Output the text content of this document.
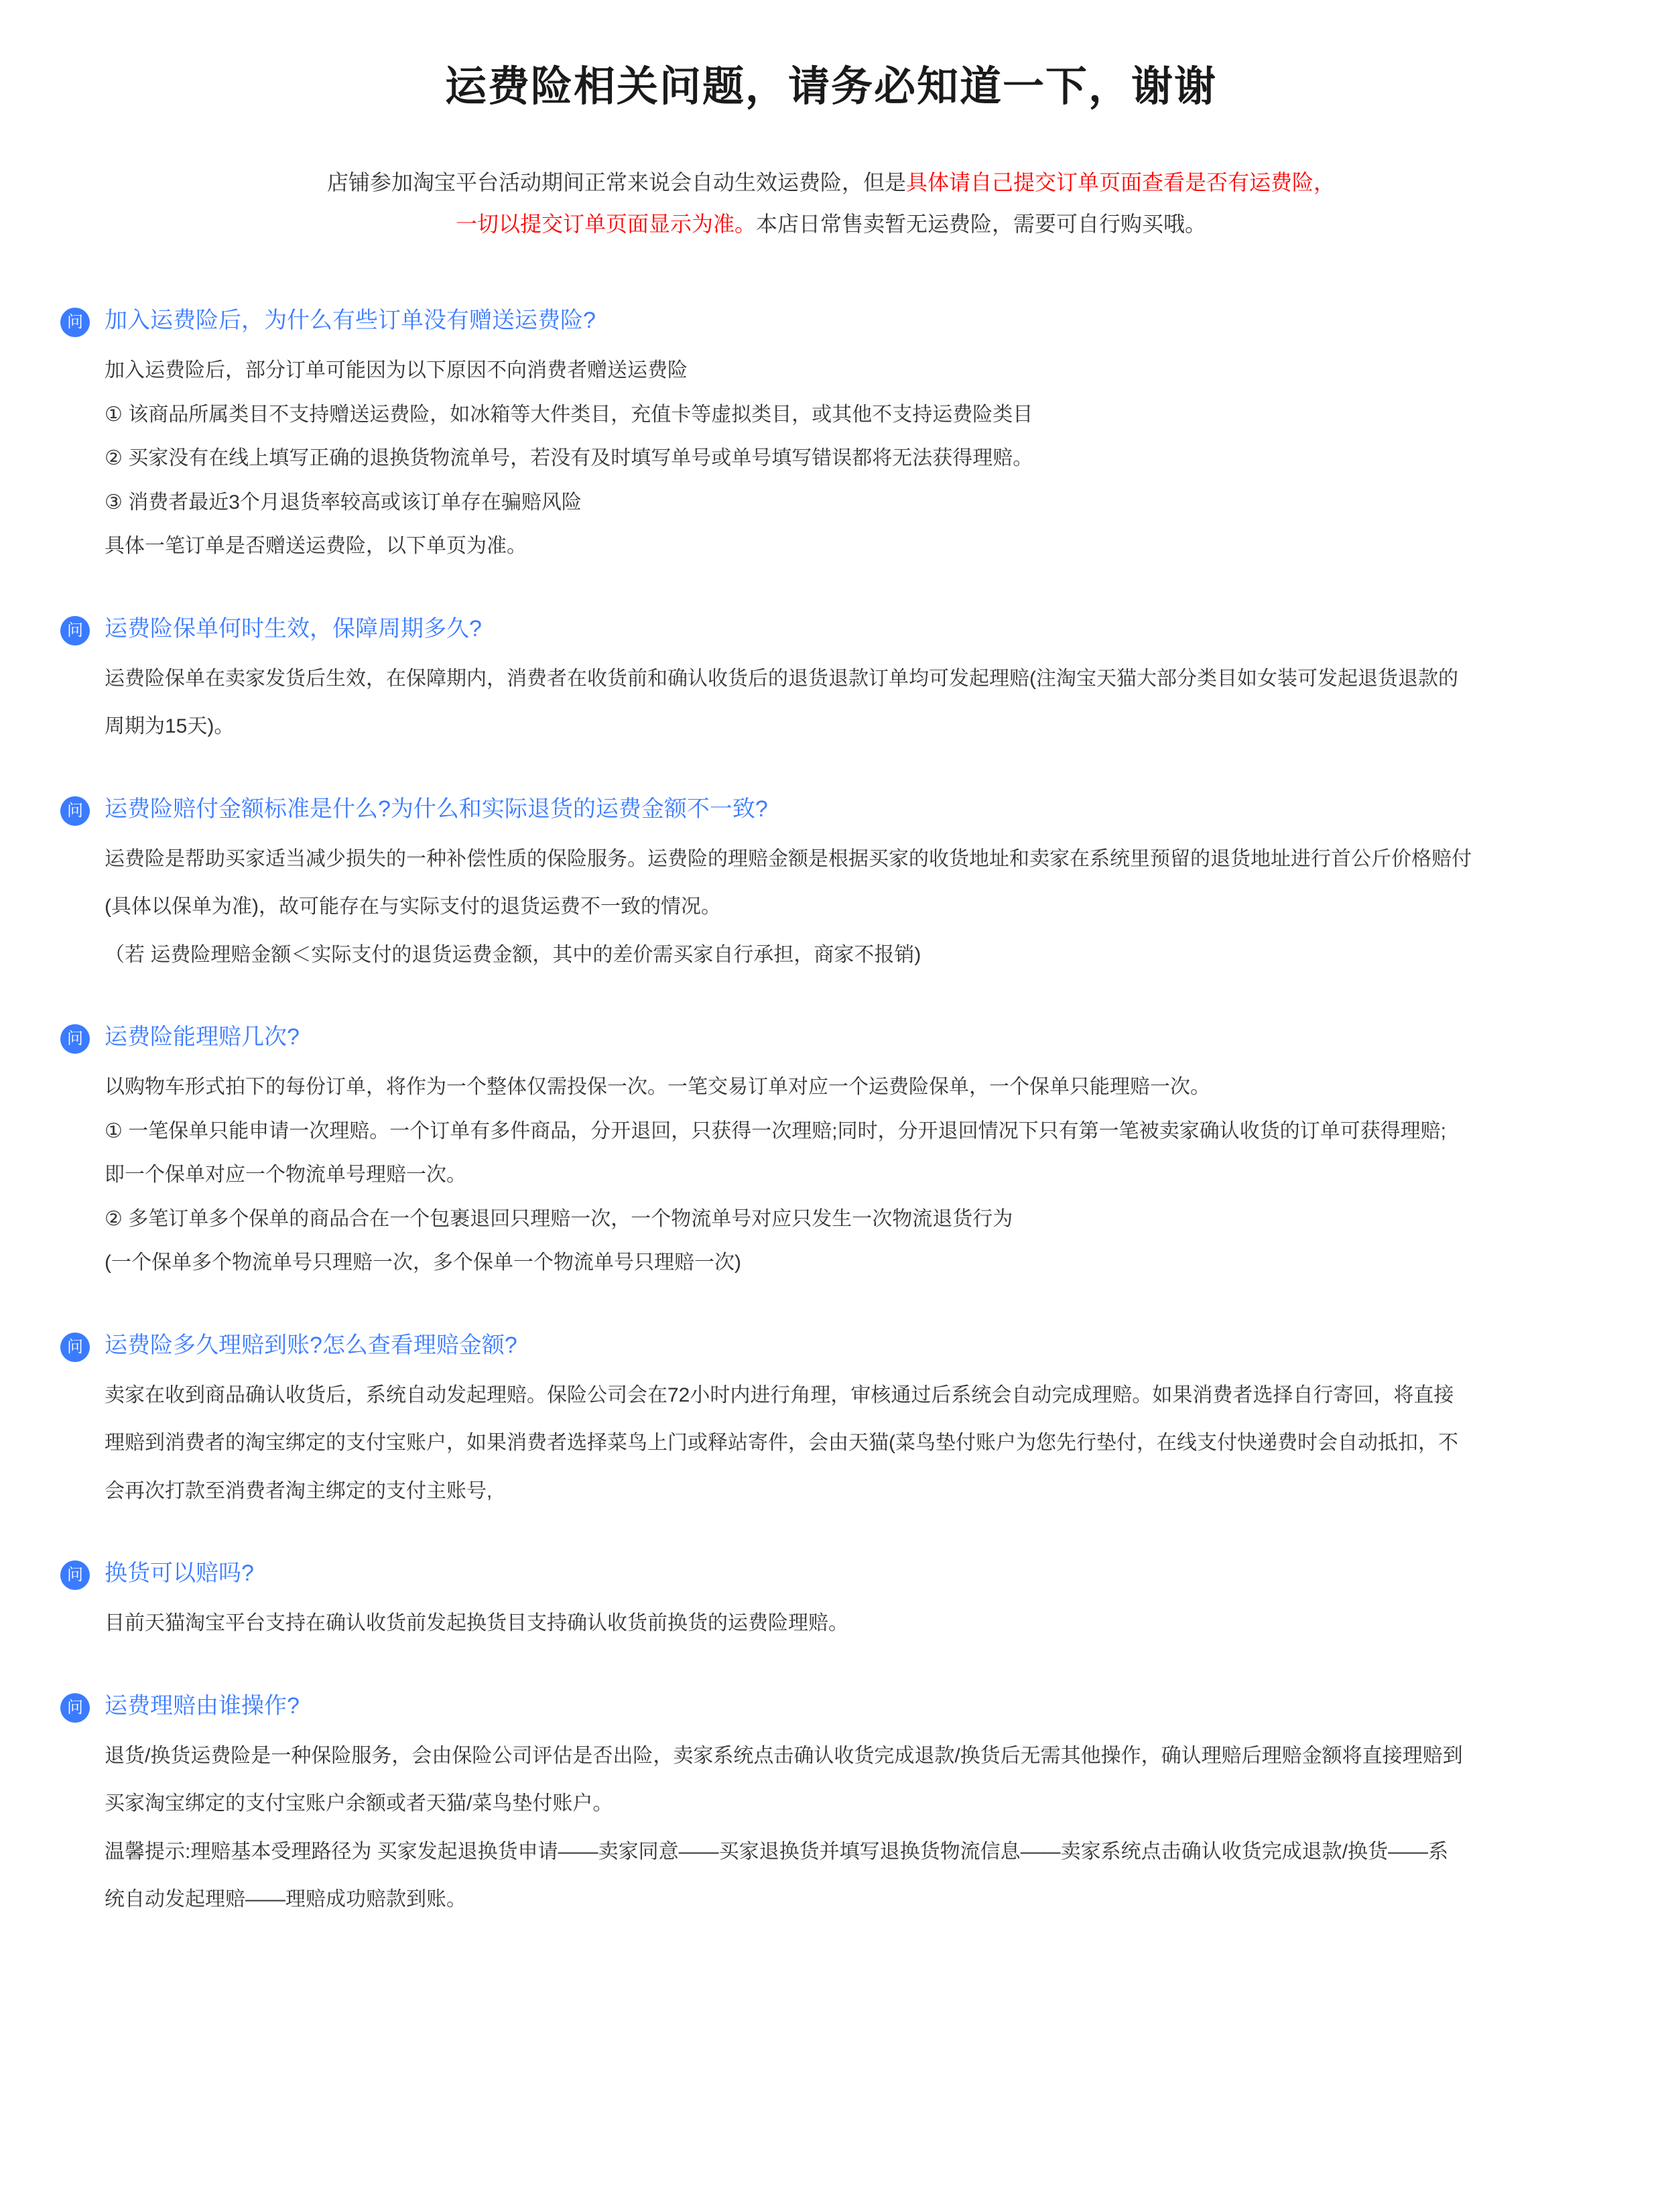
运费险相关问题，请务必知道一下，谢谢
店铺参加淘宝平台活动期间正常来说会自动生效运费险，但是具体请自己提交订单页面查看是否有运费险，
一切以提交订单页面显示为准。本店日常售卖暂无运费险，需要可自行购买哦。
问 加入运费险后，为什么有些订单没有赠送运费险?

加入运费险后，部分订单可能因为以下原因不向消费者赠送运费险

① 该商品所属类目不支持赠送运费险，如冰箱等大件类目，充值卡等虚拟类目，或其他不支持运费险类目

② 买家没有在线上填写正确的退换货物流单号，若没有及时填写单号或单号填写错误都将无法获得理赔。

③ 消费者最近3个月退货率较高或该订单存在骗赔风险

具体一笔订单是否赠送运费险，以下单页为准。

问 运费险保单何时生效，保障周期多久?

运费险保单在卖家发货后生效，在保障期内，消费者在收货前和确认收货后的退货退款订单均可发起理赔(注淘宝天猫大部分类目如女装可发起退货退款的

周期为15天)。

问 运费险赔付金额标准是什么?为什么和实际退货的运费金额不一致?

运费险是帮助买家适当减少损失的一种补偿性质的保险服务。运费险的理赔金额是根据买家的收货地址和卖家在系统里预留的退货地址进行首公斤价格赔付

(具体以保单为准)，故可能存在与实际支付的退货运费不一致的情况。

（若 运费险理赔金额＜实际支付的退货运费金额，其中的差价需买家自行承担，商家不报销)

问 运费险能理赔几次?

以购物车形式拍下的每份订单，将作为一个整体仅需投保一次。一笔交易订单对应一个运费险保单，一个保单只能理赔一次。

① 一笔保单只能申请一次理赔。一个订单有多件商品，分开退回，只获得一次理赔;同时，分开退回情况下只有第一笔被卖家确认收货的订单可获得理赔;

即一个保单对应一个物流单号理赔一次。

② 多笔订单多个保单的商品合在一个包裹退回只理赔一次，一个物流单号对应只发生一次物流退货行为

(一个保单多个物流单号只理赔一次，多个保单一个物流单号只理赔一次)

问 运费险多久理赔到账?怎么查看理赔金额?

卖家在收到商品确认收货后，系统自动发起理赔。保险公司会在72小时内进行角理，审核通过后系统会自动完成理赔。如果消费者选择自行寄回，将直接

理赔到消费者的淘宝绑定的支付宝账户，如果消费者选择菜鸟上门或释站寄件，会由天猫(菜鸟垫付账户为您先行垫付，在线支付快递费时会自动抵扣，不

会再次打款至消费者淘主绑定的支付主账号,

问 换货可以赔吗?

目前天猫淘宝平台支持在确认收货前发起换货目支持确认收货前换货的运费险理赔。

问 运费理赔由谁操作?

退货/换货运费险是一种保险服务，会由保险公司评估是否出险，卖家系统点击确认收货完成退款/换货后无需其他操作，确认理赔后理赔金额将直接理赔到

买家淘宝绑定的支付宝账户余额或者天猫/菜鸟垫付账户。

温馨提示:理赔基本受理路径为 买家发起退换货申请——卖家同意——买家退换货并填写退换货物流信息——卖家系统点击确认收货完成退款/换货——系

统自动发起理赔——理赔成功赔款到账。
